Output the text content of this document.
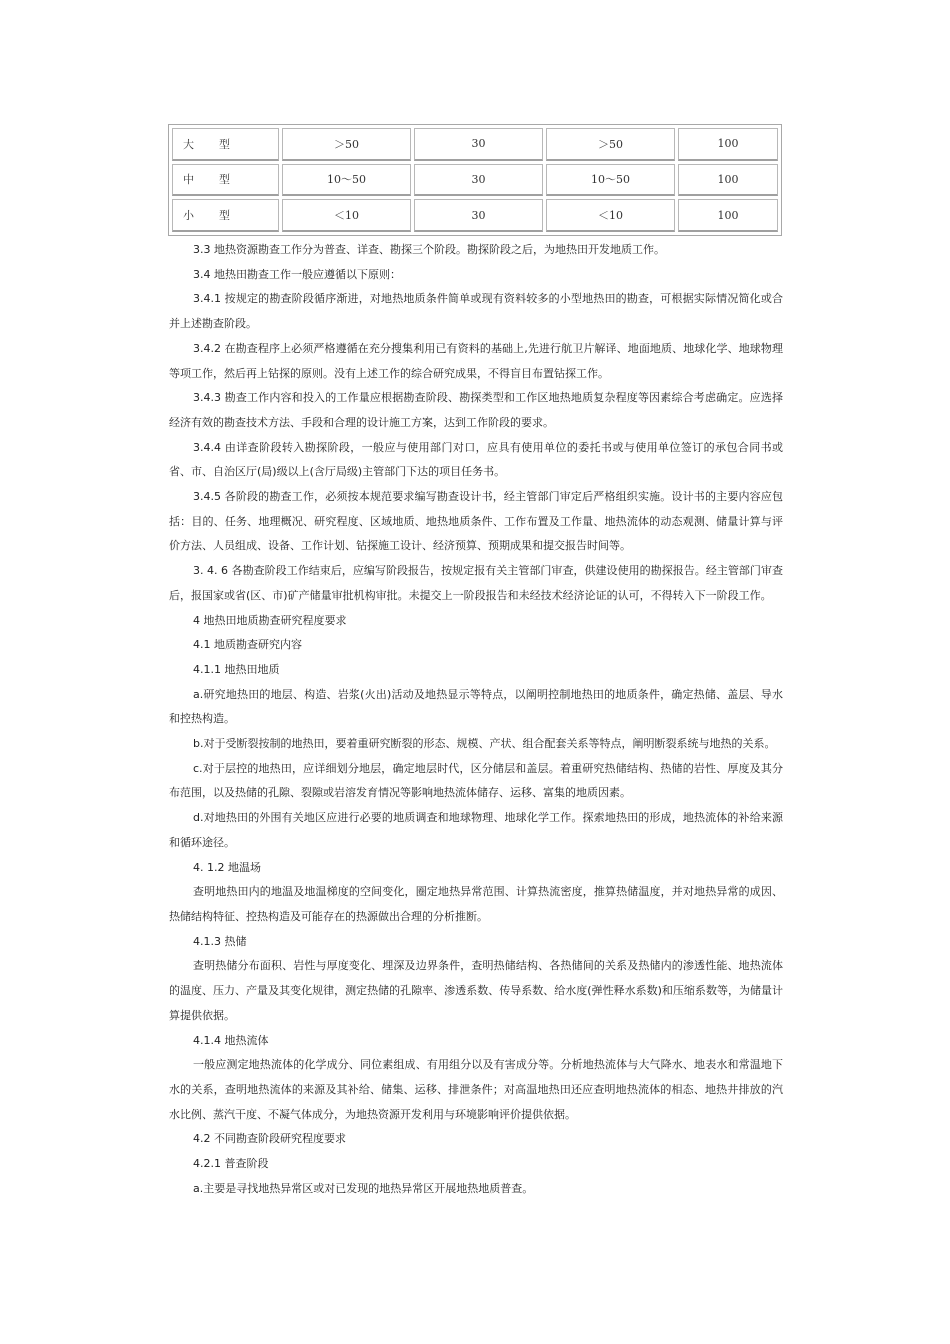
大 型	＞50	30	＞50	100
中 型	10～50	30	10～50	100
小 型	＜10	30	＜10	100

3.3 地热资源勘查工作分为普查、详查、勘探三个阶段。勘探阶段之后，为地热田开发地质工作。

3.4 地热田勘查工作一般应遵循以下原则：

3.4.1 按规定的勘查阶段循序渐进，对地热地质条件简单或现有资料较多的小型地热田的勘查，可根据实际情况简化或合并上述勘查阶段。

3.4.2 在勘查程序上必须严格遵循在充分搜集利用已有资料的基础上,先进行航卫片解译、地面地质、地球化学、地球物理等项工作，然后再上钻探的原则。没有上述工作的综合研究成果，不得盲目布置钻探工作。

3.4.3 勘查工作内容和投入的工作量应根据勘查阶段、勘探类型和工作区地热地质复杂程度等因素综合考虑确定。应选择经济有效的勘查技术方法、手段和合理的设计施工方案，达到工作阶段的要求。

3.4.4 由详查阶段转入勘探阶段，一般应与使用部门对口，应具有使用单位的委托书或与使用单位签订的承包合同书或省、市、自治区厅(局)级以上(含厅局级)主管部门下达的项目任务书。

3.4.5 各阶段的勘查工作，必须按本规范要求编写勘查设计书，经主管部门审定后严格组织实施。设计书的主要内容应包括：目的、任务、地理概况、研究程度、区域地质、地热地质条件、工作布置及工作量、地热流体的动态观测、储量计算与评价方法、人员组成、设备、工作计划、钻探施工设计、经济预算、预期成果和提交报告时间等。

3. 4. 6 各勘查阶段工作结束后，应编写阶段报告，按规定报有关主管部门审查，供建设使用的勘探报告。经主管部门审查后，报国家或省(区、市)矿产储量审批机构审批。未提交上一阶段报告和未经技术经济论证的认可，不得转入下一阶段工作。

4 地热田地质勘查研究程度要求

4.1 地质勘查研究内容

4.1.1 地热田地质

a.研究地热田的地层、构造、岩浆(火出)活动及地热显示等特点，以阐明控制地热田的地质条件，确定热储、盖层、导水和控热构造。

b.对于受断裂按制的地热田，要着重研究断裂的形态、规模、产状、组合配套关系等特点，阐明断裂系统与地热的关系。

c.对于层控的地热田，应详细划分地层，确定地层时代，区分储层和盖层。着重研究热储结构、热储的岩性、厚度及其分布范围，以及热储的孔隙、裂隙或岩溶发育情况等影响地热流体储存、运移、富集的地质因素。

d.对地热田的外围有关地区应进行必要的地质调查和地球物理、地球化学工作。探索地热田的形成，地热流体的补给来源和循环途径。

4. 1.2 地温场

查明地热田内的地温及地温梯度的空间变化，圈定地热异常范围、计算热流密度，推算热储温度，并对地热异常的成因、热储结构特征、控热构造及可能存在的热源做出合理的分析推断。

4.1.3 热储

查明热储分布面积、岩性与厚度变化、埋深及边界条件，查明热储结构、各热储间的关系及热储内的渗透性能、地热流体的温度、压力、产量及其变化规律，测定热储的孔隙率、渗透系数、传导系数、给水度(弹性释水系数)和压缩系数等，为储量计算提供依据。

4.1.4 地热流体

一般应测定地热流体的化学成分、同位素组成、有用组分以及有害成分等。分析地热流体与大气降水、地表水和常温地下水的关系，查明地热流体的来源及其补给、储集、运移、排泄条件；对高温地热田还应查明地热流体的相态、地热井排放的汽水比例、蒸汽干度、不凝气体成分，为地热资源开发利用与环境影响评价提供依据。

4.2 不同勘查阶段研究程度要求

4.2.1 普查阶段

a.主要是寻找地热异常区或对已发现的地热异常区开展地热地质普查。
